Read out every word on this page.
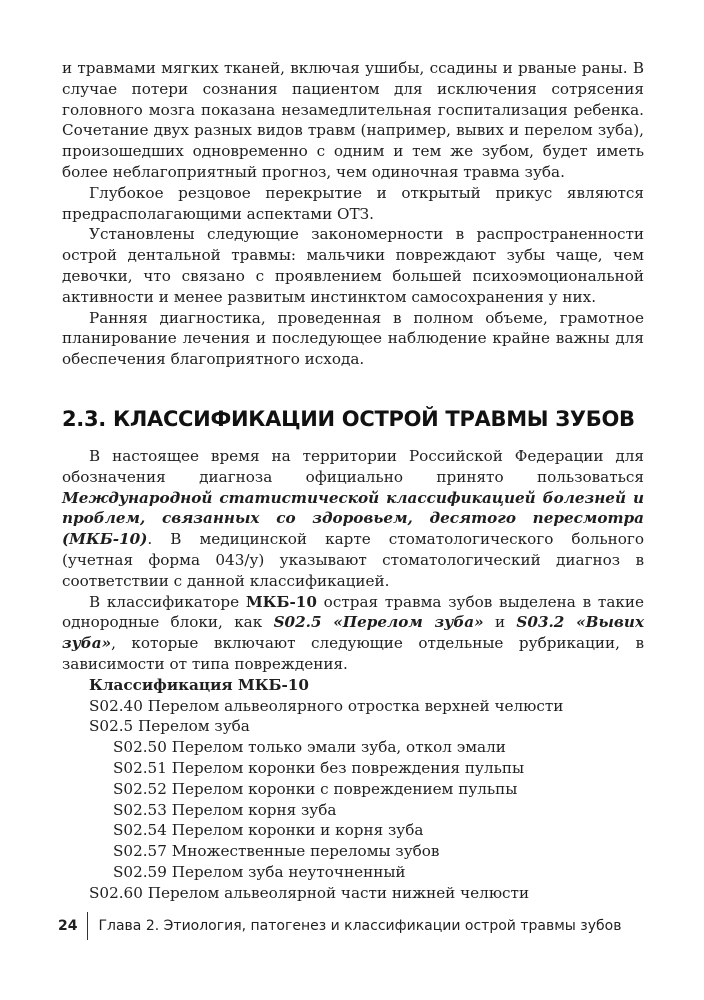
и травмами мягких тканей, включая ушибы, ссадины и рваные раны. В случае потери сознания пациентом для исключения сотрясения головного мозга показана незамедлительная госпитализация ребенка. Сочетание двух разных видов травм (например, вывих и перелом зуба), произошедших одновременно с одним и тем же зубом, будет иметь более неблагоприятный прогноз, чем одиночная травма зуба.

Глубокое резцовое перекрытие и открытый прикус являются предрасполагающими аспектами ОТЗ.

Установлены следующие закономерности в распространенности острой дентальной травмы: мальчики повреждают зубы чаще, чем девочки, что связано с проявлением большей психоэмоциональной активности и менее развитым инстинктом самосохранения у них.

Ранняя диагностика, проведенная в полном объеме, грамотное планирование лечения и последующее наблюдение крайне важны для обеспечения благоприятного исхода.

2.3. КЛАССИФИКАЦИИ ОСТРОЙ ТРАВМЫ ЗУБОВ

В настоящее время на территории Российской Федерации для обозначения диагноза официально принято пользоваться Международной статистической классификацией болезней и проблем, связанных со здоровьем, десятого пересмотра (МКБ-10). В медицинской карте стоматологического больного (учетная форма 043/у) указывают стоматологический диагноз в соответствии с данной классификацией.

В классификаторе МКБ-10 острая травма зубов выделена в такие однородные блоки, как S02.5 «Перелом зуба» и S03.2 «Вывих зуба», которые включают следующие отдельные рубрикации, в зависимости от типа повреждения.

Классификация МКБ-10

S02.40 Перелом альвеолярного отростка верхней челюсти

S02.5 Перелом зуба

S02.50 Перелом только эмали зуба, откол эмали

S02.51 Перелом коронки без повреждения пульпы

S02.52 Перелом коронки с повреждением пульпы

S02.53 Перелом корня зуба

S02.54 Перелом коронки и корня зуба

S02.57 Множественные переломы зубов

S02.59 Перелом зуба неуточненный

S02.60 Перелом альвеолярной части нижней челюсти

24 Глава 2. Этиология, патогенез и классификации острой травмы зубов
